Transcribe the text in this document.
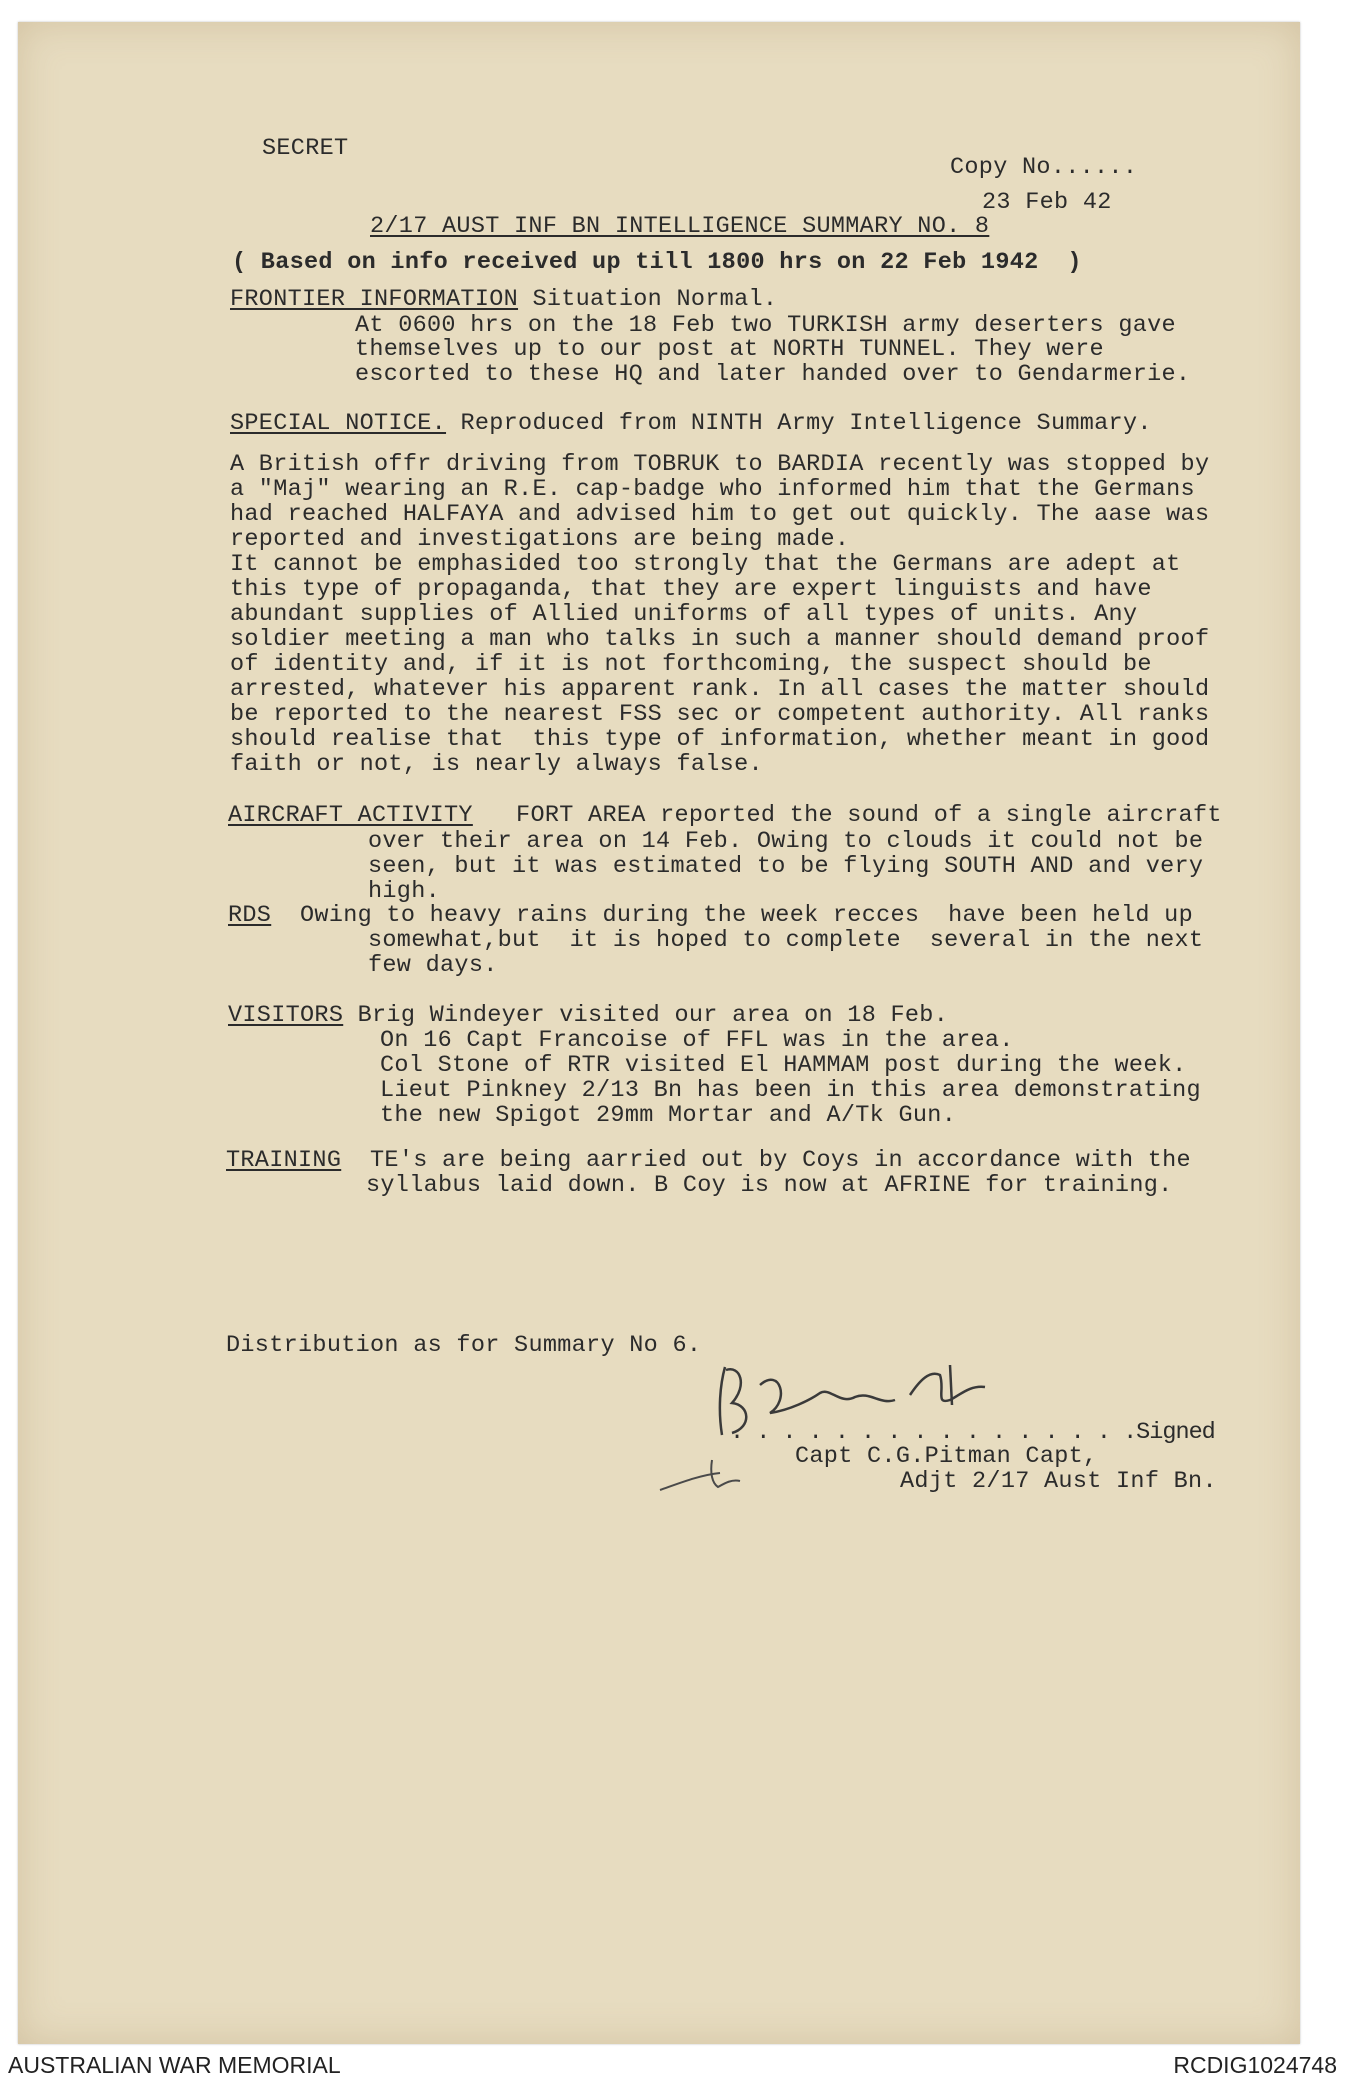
SECRET
Copy No......
23 Feb 42
2/17 AUST INF BN INTELLIGENCE SUMMARY NO. 8
( Based on info received up till 1800 hrs on 22 Feb 1942  )
FRONTIER INFORMATION Situation Normal.
At 0600 hrs on the 18 Feb two TURKISH army deserters gave
themselves up to our post at NORTH TUNNEL. They were
escorted to these HQ and later handed over to Gendarmerie.
SPECIAL NOTICE. Reproduced from NINTH Army Intelligence Summary.
A British offr driving from TOBRUK to BARDIA recently was stopped by
a "Maj" wearing an R.E. cap-badge who informed him that the Germans
had reached HALFAYA and advised him to get out quickly. The aase was
reported and investigations are being made.
It cannot be emphasided too strongly that the Germans are adept at
this type of propaganda, that they are expert linguists and have
abundant supplies of Allied uniforms of all types of units. Any
soldier meeting a man who talks in such a manner should demand proof
of identity and, if it is not forthcoming, the suspect should be
arrested, whatever his apparent rank. In all cases the matter should
be reported to the nearest FSS sec or competent authority. All ranks
should realise that  this type of information, whether meant in good
faith or not, is nearly always false.
AIRCRAFT ACTIVITY   FORT AREA reported the sound of a single aircraft
over their area on 14 Feb. Owing to clouds it could not be
seen, but it was estimated to be flying SOUTH AND and very
high.
RDS  Owing to heavy rains during the week recces  have been held up
somewhat,but  it is hoped to complete  several in the next
few days.
VISITORS Brig Windeyer visited our area on 18 Feb.
On 16 Capt Francoise of FFL was in the area.
Col Stone of RTR visited El HAMMAM post during the week.
Lieut Pinkney 2/13 Bn has been in this area demonstrating
the new Spigot 29mm Mortar and A/Tk Gun.
TRAINING  TE's are being aarried out by Coys in accordance with the
syllabus laid down. B Coy is now at AFRINE for training.
Distribution as for Summary No 6.
. . . . . . . . . . . . . . . .Signed
Capt C.G.Pitman Capt,
Adjt 2/17 Aust Inf Bn.
AUSTRALIAN WAR MEMORIAL	RCDIG1024748
